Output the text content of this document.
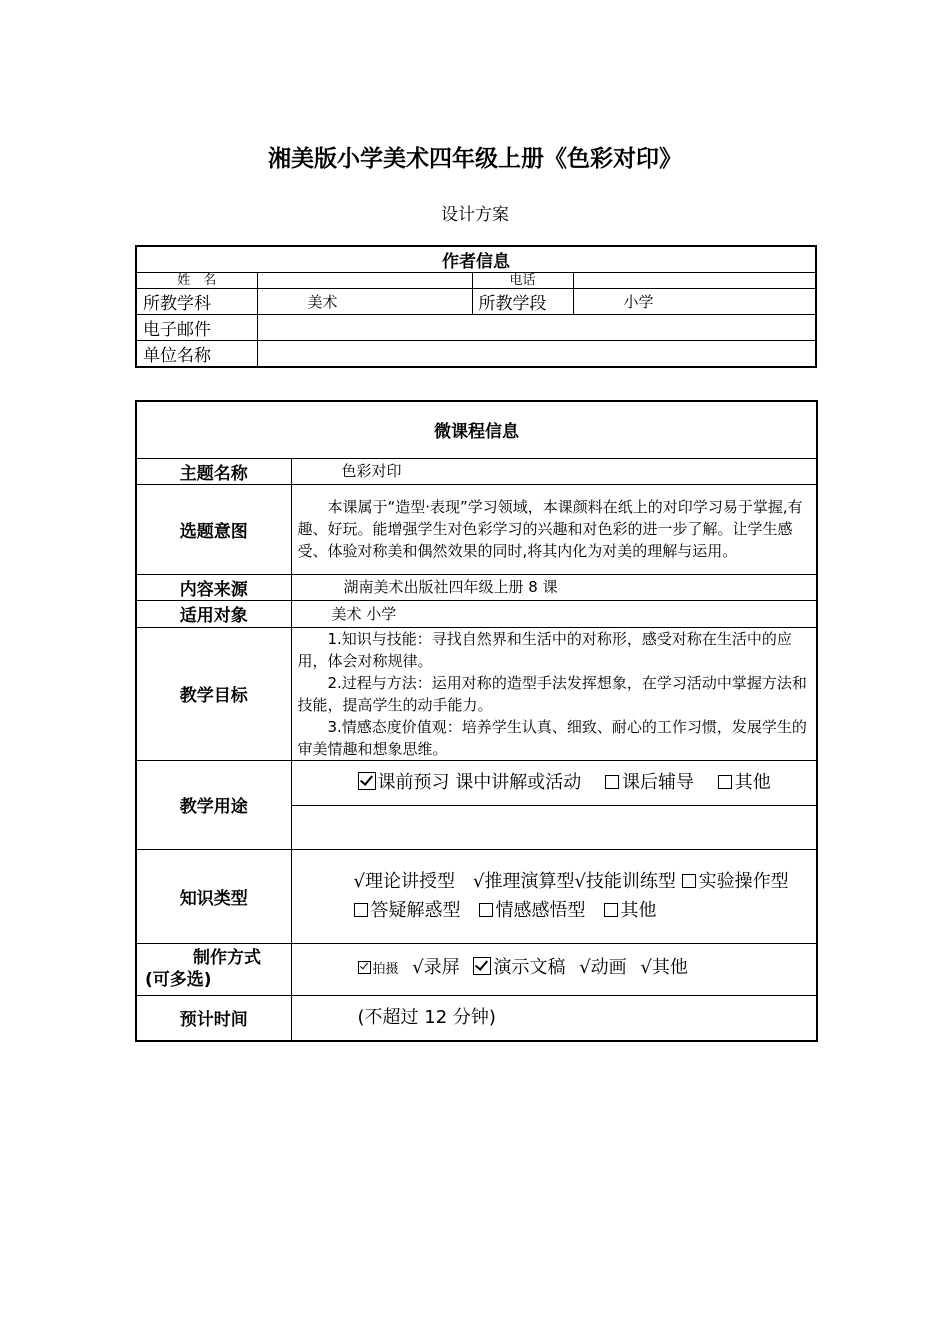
湘美版小学美术四年级上册《色彩对印》
设计方案
作者信息			
姓　名		电话	
所教学科	美术	所教学段	小学
电子邮件			
单位名称			
微课程信息	
主题名称	色彩对印
选题意图	本课属于“造型·表现”学习领域，本课颜料在纸上的对印学习易于掌握,有趣、好玩。能增强学生对色彩学习的兴趣和对色彩的进一步了解。让学生感受、体验对称美和偶然效果的同时,将其内化为对美的理解与运用。
内容来源	湖南美术出版社四年级上册 8 课
适用对象	美术 小学
教学目标	1.知识与技能：寻找自然界和生活中的对称形，感受对称在生活中的应用，体会对称规律。
2.过程与方法：运用对称的造型手法发挥想象，在学习活动中掌握方法和技能，提高学生的动手能力。
3.情感态度价值观：培养学生认真、细致、耐心的工作习惯，发展学生的审美情趣和想象思维。

教学用途	课前预习 课中讲解或活动 课后辅导 其他

知识类型	√理论讲授型　√推理演算型√技能训练型 实验操作型
答疑解惑型 情感感悟型 其他

制作方式
(可多选)	拍摄 √录屏 演示文稿 √动画 √其他
预计时间	(不超过 12 分钟)
